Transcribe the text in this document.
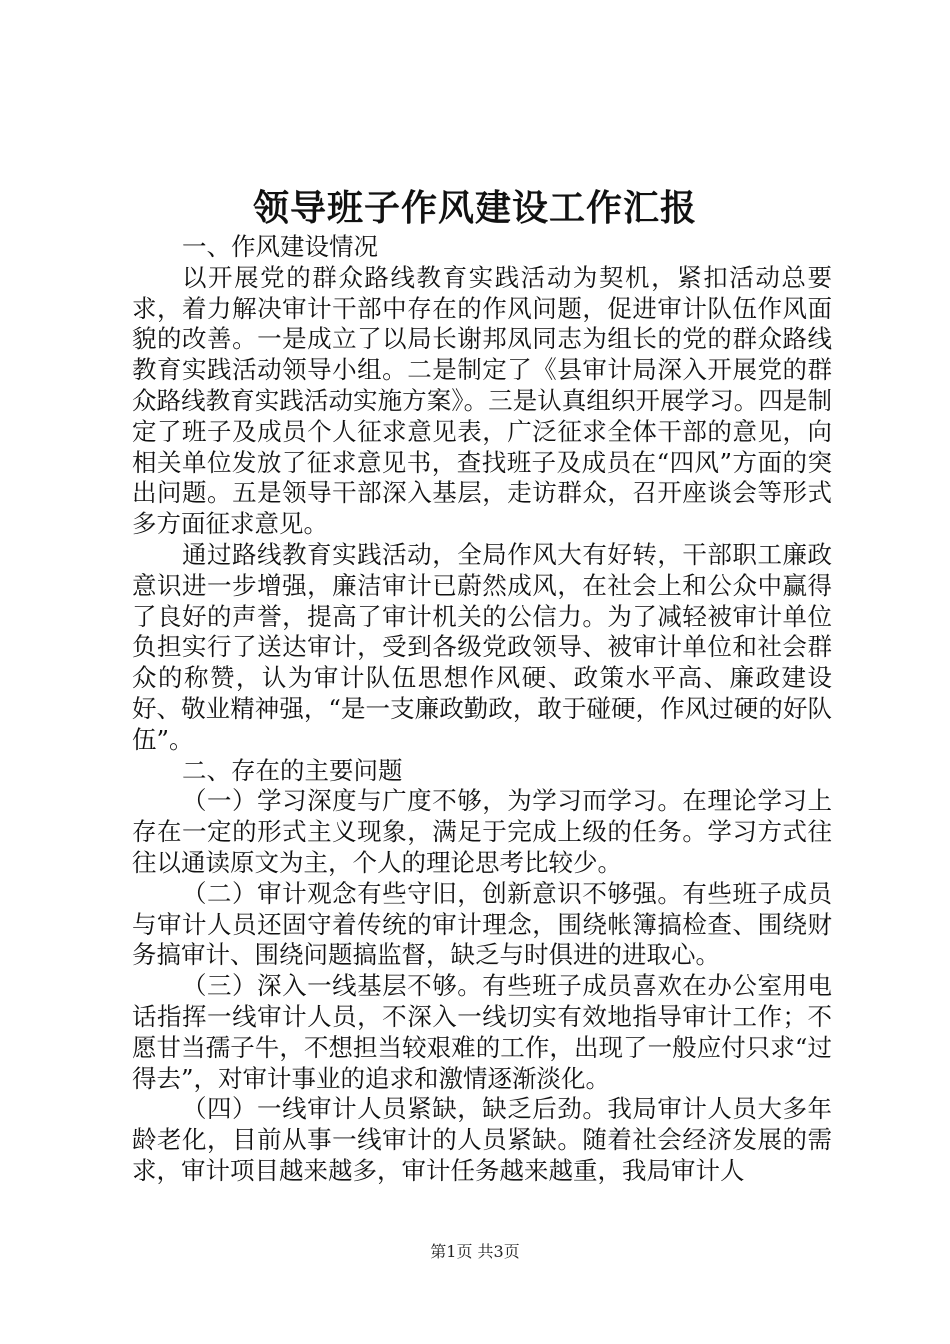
领导班子作风建设工作汇报

一、作风建设情况

以开展党的群众路线教育实践活动为契机，紧扣活动总要求，着力解决审计干部中存在的作风问题，促进审计队伍作风面貌的改善。一是成立了以局长谢邦凤同志为组长的党的群众路线教育实践活动领导小组。二是制定了《县审计局深入开展党的群众路线教育实践活动实施方案》。三是认真组织开展学习。四是制定了班子及成员个人征求意见表，广泛征求全体干部的意见，向相关单位发放了征求意见书，查找班子及成员在“四风”方面的突出问题。五是领导干部深入基层，走访群众，召开座谈会等形式多方面征求意见。

通过路线教育实践活动，全局作风大有好转，干部职工廉政意识进一步增强，廉洁审计已蔚然成风，在社会上和公众中赢得了良好的声誉，提高了审计机关的公信力。为了减轻被审计单位负担实行了送达审计，受到各级党政领导、被审计单位和社会群众的称赞，认为审计队伍思想作风硬、政策水平高、廉政建设好、敬业精神强，“是一支廉政勤政，敢于碰硬，作风过硬的好队伍”。

二、存在的主要问题

（一）学习深度与广度不够，为学习而学习。在理论学习上存在一定的形式主义现象，满足于完成上级的任务。学习方式往往以通读原文为主，个人的理论思考比较少。

（二）审计观念有些守旧，创新意识不够强。有些班子成员与审计人员还固守着传统的审计理念，围绕帐簿搞检查、围绕财务搞审计、围绕问题搞监督，缺乏与时俱进的进取心。

（三）深入一线基层不够。有些班子成员喜欢在办公室用电话指挥一线审计人员，不深入一线切实有效地指导审计工作；不愿甘当孺子牛，不想担当较艰难的工作，出现了一般应付只求“过得去”，对审计事业的追求和激情逐渐淡化。

（四）一线审计人员紧缺，缺乏后劲。我局审计人员大多年龄老化，目前从事一线审计的人员紧缺。随着社会经济发展的需求，审计项目越来越多，审计任务越来越重，我局审计人

第1页 共3页
